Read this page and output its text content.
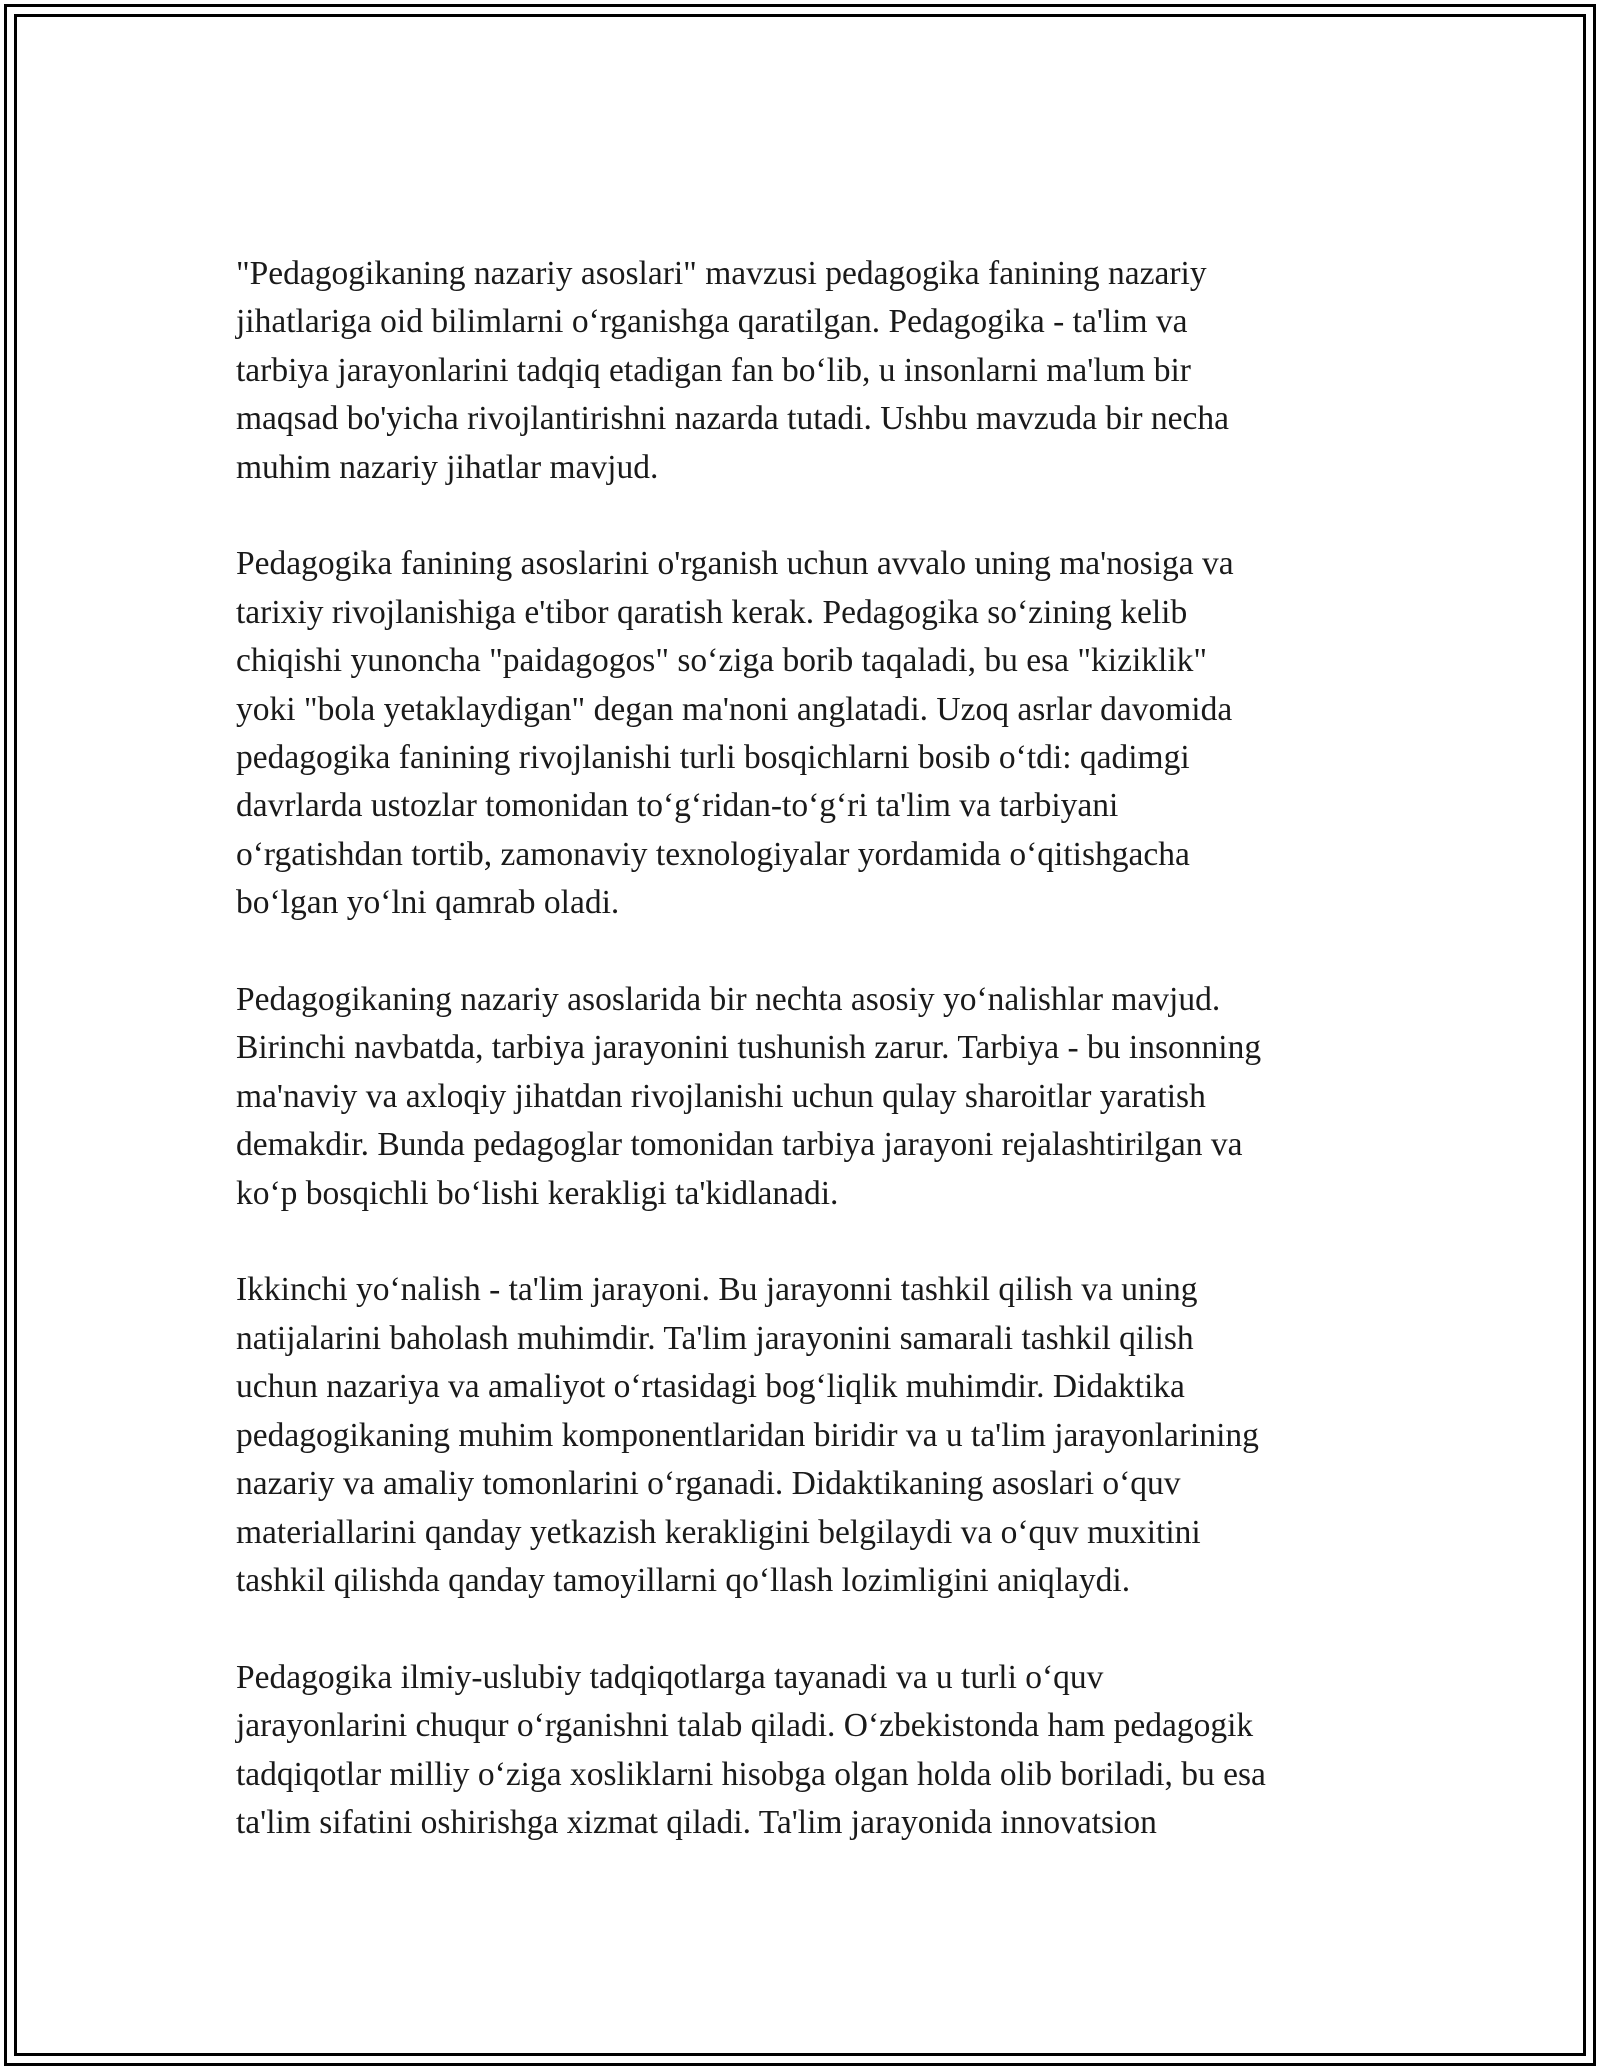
"Pedagogikaning nazariy asoslari" mavzusi pedagogika fanining nazariy
jihatlariga oid bilimlarni oʻrganishga qaratilgan. Pedagogika - ta'lim va
tarbiya jarayonlarini tadqiq etadigan fan boʻlib, u insonlarni ma'lum bir
maqsad bo'yicha rivojlantirishni nazarda tutadi. Ushbu mavzuda bir necha
muhim nazariy jihatlar mavjud.

Pedagogika fanining asoslarini o'rganish uchun avvalo uning ma'nosiga va
tarixiy rivojlanishiga e'tibor qaratish kerak. Pedagogika soʻzining kelib
chiqishi yunoncha "paidagogos" soʻziga borib taqaladi, bu esa "kiziklik"
yoki "bola yetaklaydigan" degan ma'noni anglatadi. Uzoq asrlar davomida
pedagogika fanining rivojlanishi turli bosqichlarni bosib oʻtdi: qadimgi
davrlarda ustozlar tomonidan toʻgʻridan-toʻgʻri ta'lim va tarbiyani
oʻrgatishdan tortib, zamonaviy texnologiyalar yordamida oʻqitishgacha
boʻlgan yoʻlni qamrab oladi.

Pedagogikaning nazariy asoslarida bir nechta asosiy yoʻnalishlar mavjud.
Birinchi navbatda, tarbiya jarayonini tushunish zarur. Tarbiya - bu insonning
ma'naviy va axloqiy jihatdan rivojlanishi uchun qulay sharoitlar yaratish
demakdir. Bunda pedagoglar tomonidan tarbiya jarayoni rejalashtirilgan va
koʻp bosqichli boʻlishi kerakligi ta'kidlanadi.

Ikkinchi yoʻnalish - ta'lim jarayoni. Bu jarayonni tashkil qilish va uning
natijalarini baholash muhimdir. Ta'lim jarayonini samarali tashkil qilish
uchun nazariya va amaliyot oʻrtasidagi bogʻliqlik muhimdir. Didaktika
pedagogikaning muhim komponentlaridan biridir va u ta'lim jarayonlarining
nazariy va amaliy tomonlarini oʻrganadi. Didaktikaning asoslari oʻquv
materiallarini qanday yetkazish kerakligini belgilaydi va oʻquv muxitini
tashkil qilishda qanday tamoyillarni qoʻllash lozimligini aniqlaydi.

Pedagogika ilmiy-uslubiy tadqiqotlarga tayanadi va u turli oʻquv
jarayonlarini chuqur oʻrganishni talab qiladi. Oʻzbekistonda ham pedagogik
tadqiqotlar milliy oʻziga xosliklarni hisobga olgan holda olib boriladi, bu esa
ta'lim sifatini oshirishga xizmat qiladi. Ta'lim jarayonida innovatsion
